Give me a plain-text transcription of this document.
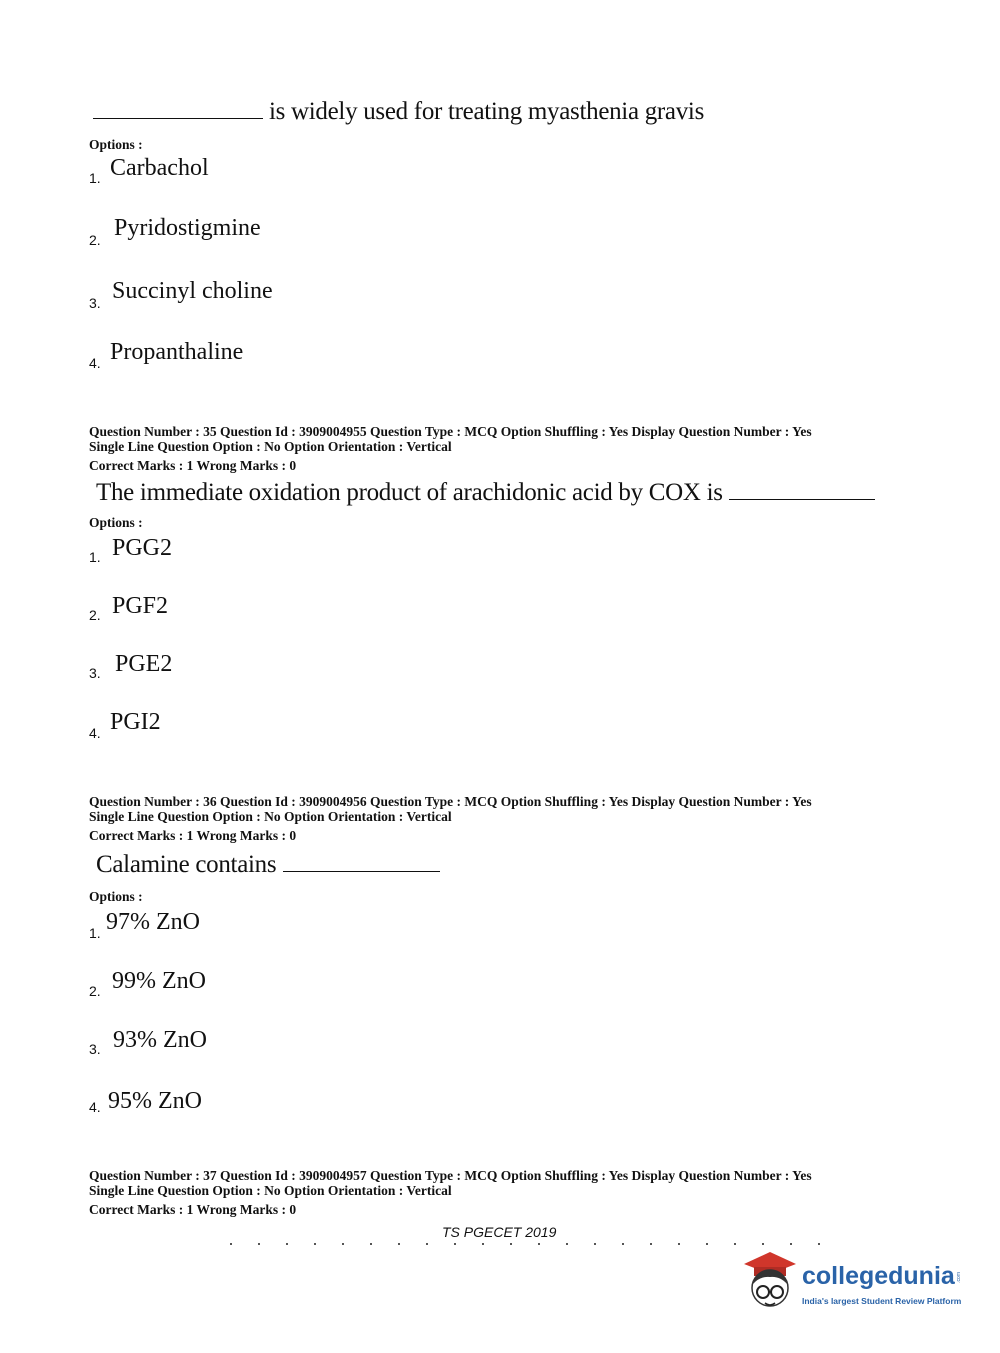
is widely used for treating myasthenia gravis
Options :
1. Carbachol
2. Pyridostigmine
3. Succinyl choline
4. Propanthaline
Question Number : 35 Question Id : 3909004955 Question Type : MCQ Option Shuffling : Yes Display Question Number : Yes
Single Line Question Option : No Option Orientation : Vertical
Correct Marks : 1 Wrong Marks : 0
The immediate oxidation product of arachidonic acid by COX is
Options :
1. PGG2
2. PGF2
3. PGE2
4. PGI2
Question Number : 36 Question Id : 3909004956 Question Type : MCQ Option Shuffling : Yes Display Question Number : Yes
Single Line Question Option : No Option Orientation : Vertical
Correct Marks : 1 Wrong Marks : 0
Calamine contains
Options :
1. 97% ZnO
2. 99% ZnO
3. 93% ZnO
4. 95% ZnO
Question Number : 37 Question Id : 3909004957 Question Type : MCQ Option Shuffling : Yes Display Question Number : Yes
Single Line Question Option : No Option Orientation : Vertical
Correct Marks : 1 Wrong Marks : 0
TS PGECET 2019
collegedunia .com
India's largest Student Review Platform
